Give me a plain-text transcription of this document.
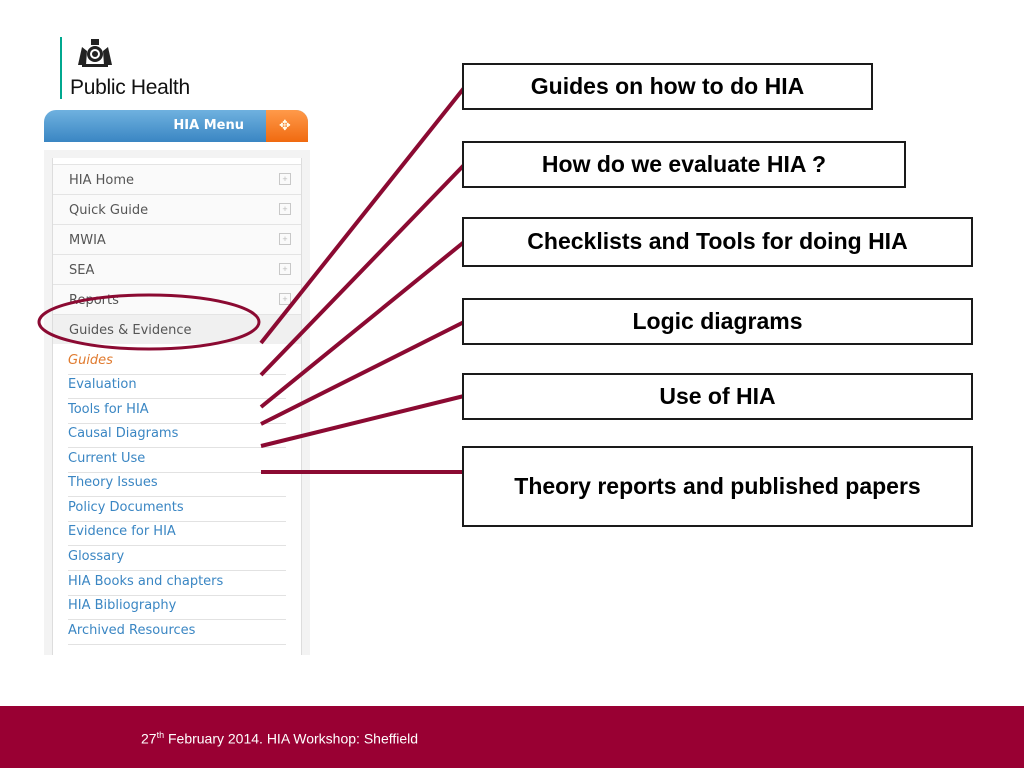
Public Health
HIA Menu	✥
HIA Home	+
Quick Guide	+
MWIA	+
SEA	+
Reports	+
Guides & Evidence
Guides
Evaluation
Tools for HIA
Causal Diagrams
Current Use
Theory Issues
Policy Documents
Evidence for HIA
Glossary
HIA Books and chapters
HIA Bibliography
Archived Resources
Guides on how to do HIA
How do we evaluate HIA ?
Checklists and Tools for doing HIA
Logic diagrams
Use of HIA
Theory reports and published papers
27th February 2014. HIA Workshop: Sheffield
